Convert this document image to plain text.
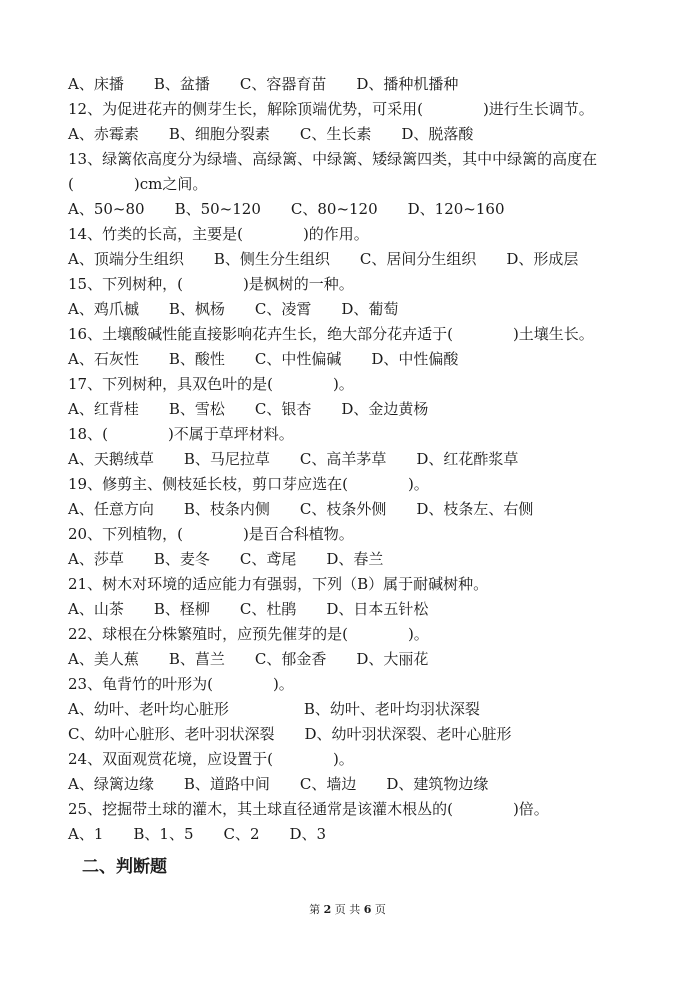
A、床播　　B、盆播　　C、容器育苗　　D、播种机播种
12、为促进花卉的侧芽生长，解除顶端优势，可采用(　　　　)进行生长调节。
A、赤霉素　　B、细胞分裂素　　C、生长素　　D、脱落酸
13、绿篱依高度分为绿墙、高绿篱、中绿篱、矮绿篱四类，其中中绿篱的高度在
(　　　　)cm之间。
A、50~80　　B、50~120　　C、80~120　　D、120~160
14、竹类的长高，主要是(　　　　)的作用。
A、顶端分生组织　　B、侧生分生组织　　C、居间分生组织　　D、形成层
15、下列树种，(　　　　)是枫树的一种。
A、鸡爪槭　　B、枫杨　　C、凌霄　　D、葡萄
16、土壤酸碱性能直接影响花卉生长，绝大部分花卉适于(　　　　)土壤生长。
A、石灰性　　B、酸性　　C、中性偏碱　　D、中性偏酸
17、下列树种，具双色叶的是(　　　　)。
A、红背桂　　B、雪松　　C、银杏　　D、金边黄杨
18、(　　　　)不属于草坪材料。
A、天鹅绒草　　B、马尼拉草　　C、高羊茅草　　D、红花酢浆草
19、修剪主、侧枝延长枝，剪口芽应选在(　　　　)。
A、任意方向　　B、枝条内侧　　C、枝条外侧　　D、枝条左、右侧
20、下列植物，(　　　　)是百合科植物。
A、莎草　　B、麦冬　　C、鸢尾　　D、春兰
21、树木对环境的适应能力有强弱，下列（B）属于耐碱树种。
A、山茶　　B、柽柳　　C、杜鹃　　D、日本五针松
22、球根在分株繁殖时，应预先催芽的是(　　　　)。
A、美人蕉　　B、菖兰　　C、郁金香　　D、大丽花
23、龟背竹的叶形为(　　　　)。
A、幼叶、老叶均心脏形　　　　　B、幼叶、老叶均羽状深裂
C、幼叶心脏形、老叶羽状深裂　　D、幼叶羽状深裂、老叶心脏形
24、双面观赏花境，应设置于(　　　　)。
A、绿篱边缘　　B、道路中间　　C、墙边　　D、建筑物边缘
25、挖掘带土球的灌木，其土球直径通常是该灌木根丛的(　　　　)倍。
A、1　　B、1、5　　C、2　　D、3
二、判断题
第 2 页 共 6 页
